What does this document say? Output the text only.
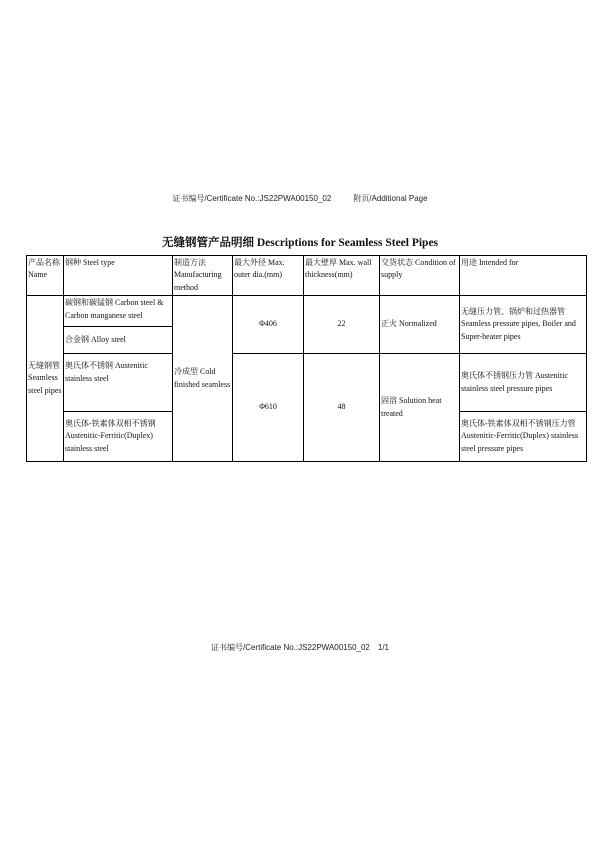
证书编号/Certificate No.:JS22PWA00150_02	附页/Additional Page
无缝钢管产品明细 Descriptions for Seamless Steel Pipes
产品名称 Name	钢种 Steel type	制造方法 Manufacturing method	最大外径 Max. outer dia.(mm)	最大壁厚 Max. wall thickness(mm)	交货状态 Condition of supply	用途 Intended for
无缝钢管 Seamless steel pipes	碳钢和碳锰钢 Carbon steel & Carbon manganese steel	冷成型 Cold finished seamless	Φ406	22	正火 Normalized	无缝压力管、锅炉和过热器管 Seamless pressure pipes, Boiler and Super-heater pipes
	合金钢 Alloy steel					
	奥氏体不锈钢 Austenitic stainless steel		Φ610	48	固溶 Solution heat treated	奥氏体不锈钢压力管 Austenitic stainless steel pressure pipes
	奥氏体-铁素体双相不锈钢 Austenitic-Ferritic(Duplex) stainless steel					奥氏体-铁素体双相不锈钢压力管 Austenitic-Ferritic(Duplex) stainless steel pressure pipes
证书编号/Certificate No.:JS22PWA00150_02 1/1
